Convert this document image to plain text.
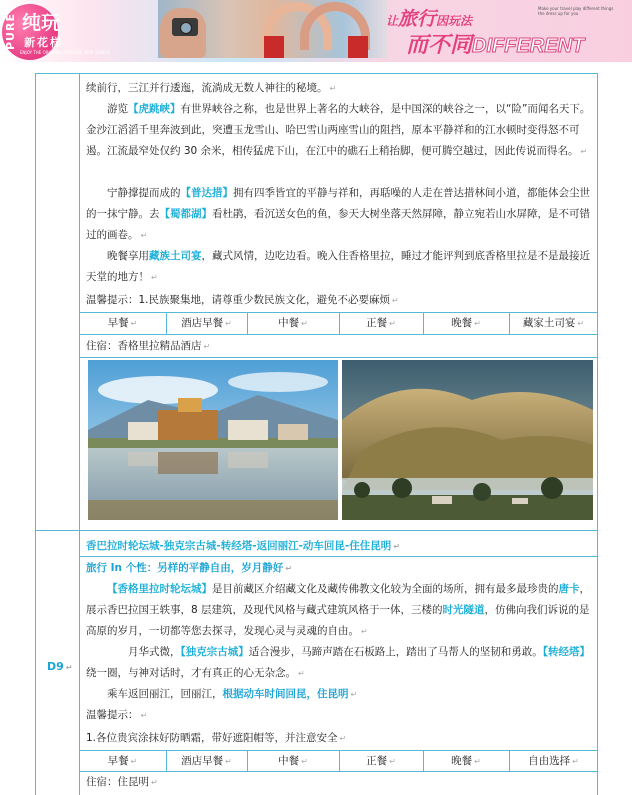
PURE 纯玩
新花样
ENJOY THE ORIGINAL, EXPLORE NEW THINGS
让旅行因玩法
Make your travel play different things the dress up for you
而不同DIFFERENT
续前行，三江并行逶迤，流淌成无数人神往的秘境。 ↵
游览【虎跳峡】有世界峡谷之称，也是世界上著名的大峡谷，是中国深的峡谷之一，以“险”而闻名天下。金沙江滔滔千里奔波到此，突遭玉龙雪山、哈巴雪山两座雪山的阻挡，原本平静祥和的江水顿时变得怒不可遏。江流最窄处仅约 30 余米，相传猛虎下山，在江中的礁石上稍抬脚，便可腾空越过，因此传说而得名。 ↵
宁静撑提而成的【普达措】拥有四季皆宜的平静与祥和，再聒噪的人走在普达措林间小道，都能体会尘世的一抹宁静。去【蜀都湖】看杜鹃，看沉送女色的鱼，参天大树坐落天然屏障，静立宛若山水屏障，是不可错过的画卷。 ↵
晚餐享用藏族土司宴，藏式风情，边吃边看。晚入住香格里拉，睡过才能评判到底香格里拉是不是最接近天堂的地方！ ↵
温馨提示：1.民族聚集地，请尊重少数民族文化，避免不必要麻烦 ↵
早餐 ↵	酒店早餐 ↵	中餐 ↵	正餐 ↵	晚餐 ↵	藏家土司宴 ↵
住宿：香格里拉精品酒店 ↵
D9 ↵
香巴拉时轮坛城-独克宗古城-转经塔-返回丽江-动车回昆-住住昆明 ↵
旅行 In 个性：另样的平静自由，岁月静好 ↵
【香格里拉时轮坛城】是目前藏区介绍藏文化及藏传佛教文化较为全面的场所，拥有最多最珍贵的唐卡，展示香巴拉国王轶事，8 层建筑，及现代风格与藏式建筑风格于一体，三楼的时光隧道，仿佛向我们诉说的是高原的岁月，一切都等您去探寻，发现心灵与灵魂的自由。 ↵
月华式微，【独克宗古城】适合漫步，马蹄声踏在石板路上，踏出了马帮人的坚韧和勇敢。【转经塔】绕一圈，与神对话时，才有真正的心无杂念。 ↵
乘车返回丽江，回丽江，根据动车时间回昆，住昆明 ↵
温馨提示： ↵
1.各位贵宾涂抹好防晒霜，带好遮阳帽等，并注意安全 ↵
早餐 ↵	酒店早餐 ↵	中餐 ↵	正餐 ↵	晚餐 ↵	自由选择 ↵
住宿：住昆明 ↵
